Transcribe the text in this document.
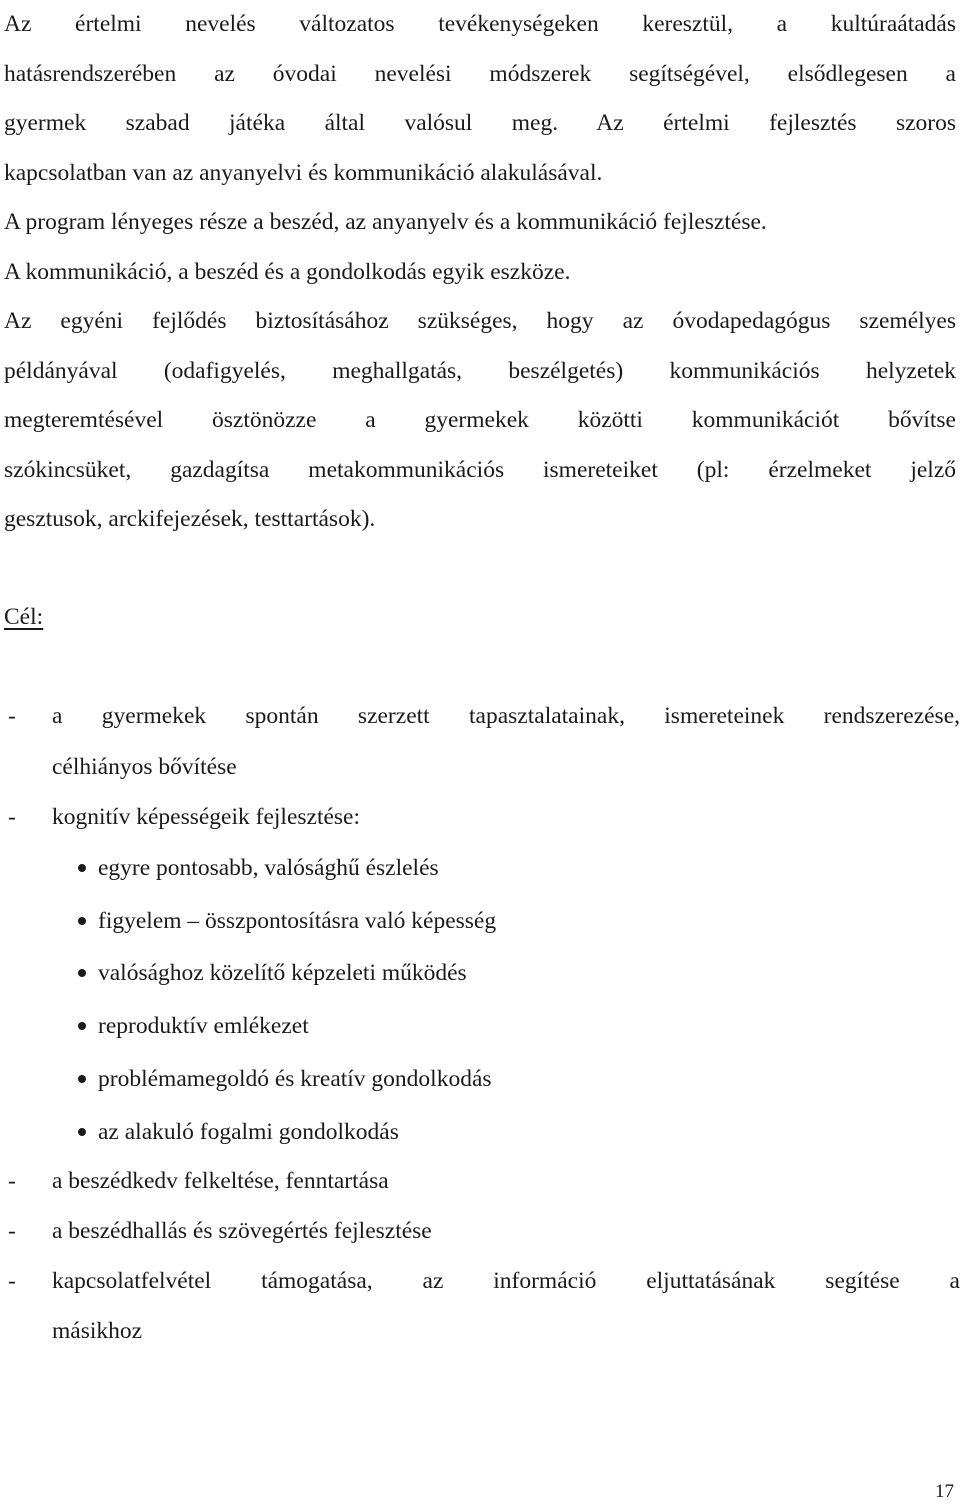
Az értelmi nevelés változatos tevékenységeken keresztül, a kultúraátadás

hatásrendszerében az óvodai nevelési módszerek segítségével, elsődlegesen a

gyermek szabad játéka által valósul meg. Az értelmi fejlesztés szoros

kapcsolatban van az anyanyelvi és kommunikáció alakulásával.

A program lényeges része a beszéd, az anyanyelv és a kommunikáció fejlesztése.

A kommunikáció, a beszéd és a gondolkodás egyik eszköze.

Az egyéni fejlődés biztosításához szükséges, hogy az óvodapedagógus személyes

példányával (odafigyelés, meghallgatás, beszélgetés) kommunikációs helyzetek

megteremtésével ösztönözze a gyermekek közötti kommunikációt bővítse

szókincsüket, gazdagítsa metakommunikációs ismereteiket (pl: érzelmeket jelző

gesztusok, arckifejezések, testtartások).

Cél:
-	a gyermekek spontán szerzett tapasztalatainak, ismereteinek rendszerezése,
célhiányos bővítése
-	kognitív képességeik fejlesztése:
egyre pontosabb, valósághű észlelés
figyelem – összpontosításra való képesség
valósághoz közelítő képzeleti működés
reproduktív emlékezet
problémamegoldó és kreatív gondolkodás
az alakuló fogalmi gondolkodás
-	a beszédkedv felkeltése, fenntartása
-	a beszédhallás és szövegértés fejlesztése
-	kapcsolatfelvétel támogatása, az információ eljuttatásának segítése a
másikhoz
17
